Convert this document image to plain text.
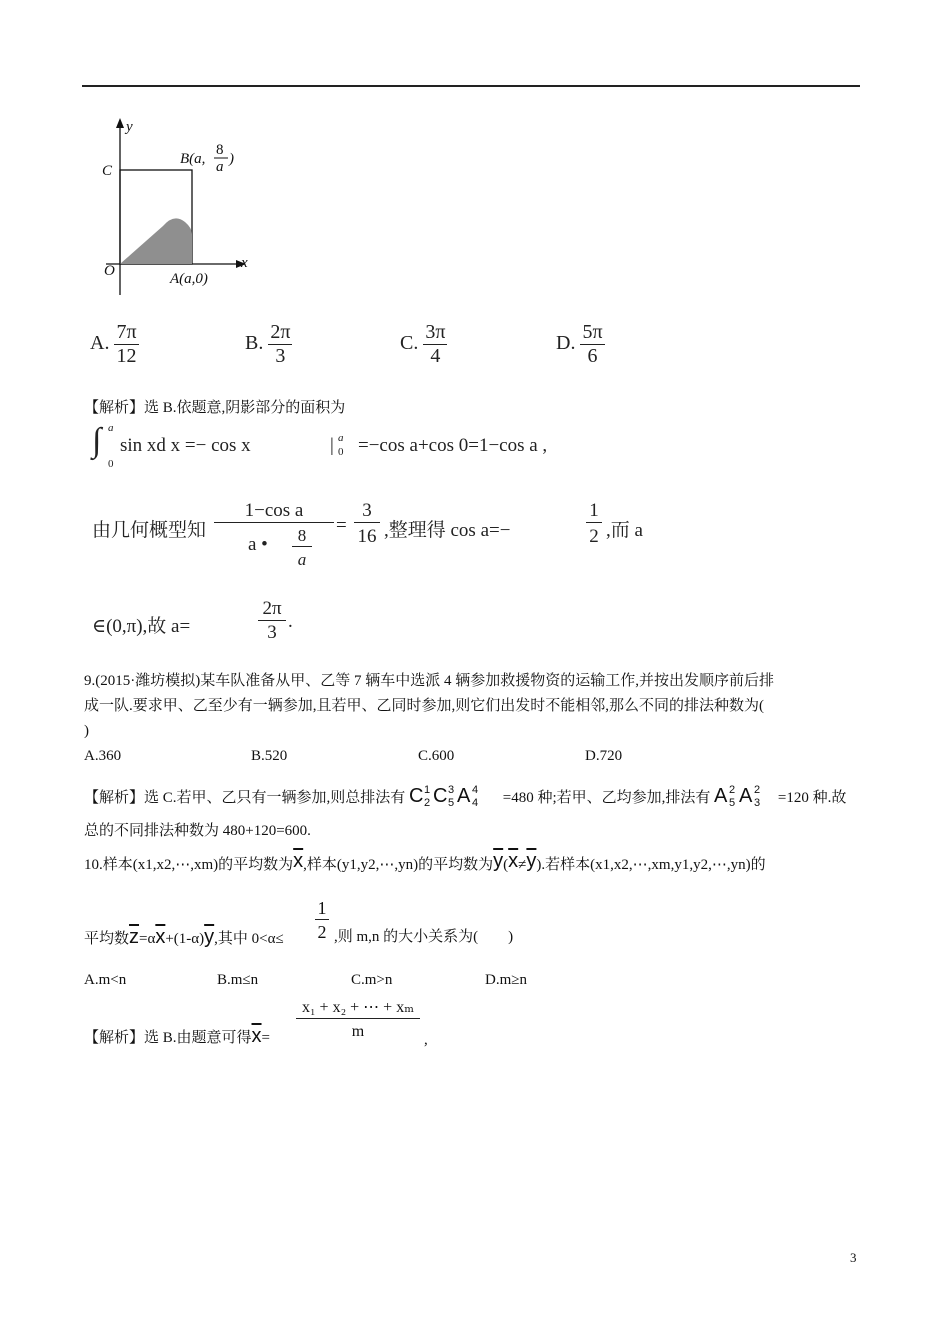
y
x
C
O
B(a,
8
a )
A(a,0)
A. $\frac{7\pi}{12}$	B. $\frac{2\pi}{3}$	C. $\frac{3\pi}{4}$	D. $\frac{5\pi}{6}$
【解析】选 B.依题意,阴影部分的面积为
∫ a
0
sin xd x =− cos x	| a
0 =−cos a+cos 0=1−cos a ,
由几何概型知
1−cos a
a •	8
a
=
3
16 ,整理得 cos a=−
1
2 ,而 a
∈(0,π),故 a=
2π
3
.
9.(2015·潍坊模拟)某车队准备从甲、乙等 7 辆车中选派 4 辆参加救援物资的运输工作,并按出发顺序前后排
成一队.要求甲、乙至少有一辆参加,且若甲、乙同时参加,则它们出发时不能相邻,那么不同的排法种数为(
)
A.360	B.520	C.600	D.720
【解析】选 C.若甲、乙只有一辆参加,则总排法有 C 1
2 C 3
5 A 4
4 =480 种;若甲、乙均参加,排法有 A 2
5 A 2
3 =120 种.故
总的不同排法种数为 480+120=600.
10.样本(x1,x2,⋯,xm)的平均数为$\overline{x}$,样本(y1,y2,⋯,yn)的平均数为$\overline{y}(\overline{x}\ne\overline{y})$.若样本(x1,x2,⋯,xm,y1,y2,⋯,yn)的
平均数$\overline{z}=\alpha\overline{x}+(1-\alpha)\overline{y}$,其中 0<α≤
1
2 ,则 m,n 的大小关系为(        )
A.m<n	B.m≤n	C.m>n	D.m≥n
【解析】选 B.由题意可得$\overline{x}=$
x₁ + x₂ + ⋯ + xₘ
m	,
3
